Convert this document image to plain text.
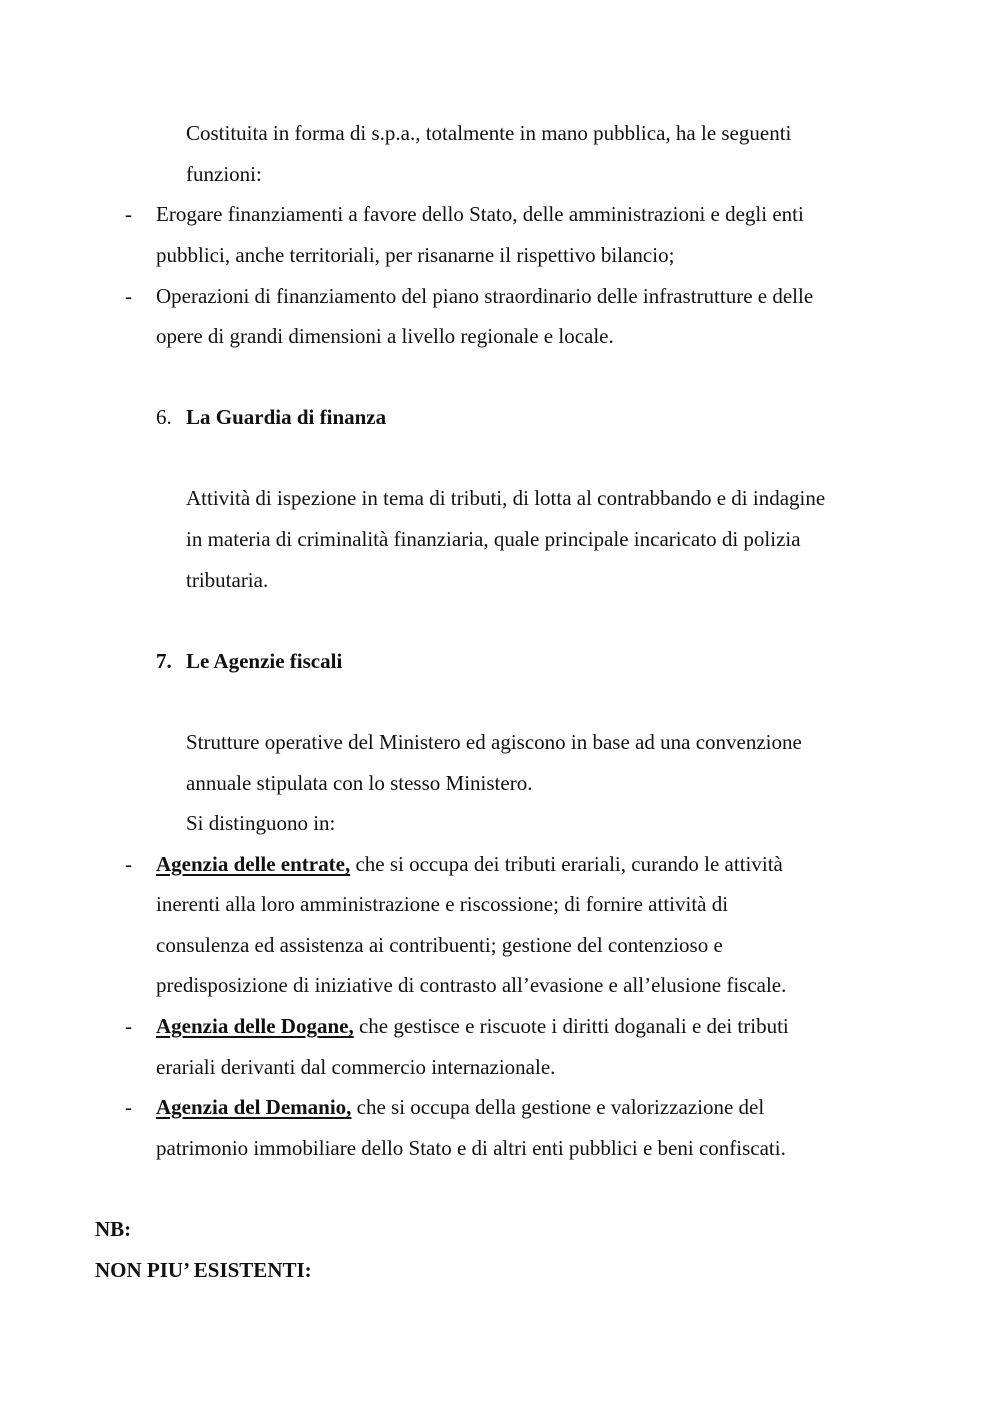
Costituita in forma di s.p.a., totalmente in mano pubblica, ha le seguenti
funzioni:
- Erogare finanziamenti a favore dello Stato, delle amministrazioni e degli enti
pubblici, anche territoriali, per risanarne il rispettivo bilancio;
- Operazioni di finanziamento del piano straordinario delle infrastrutture e delle
opere di grandi dimensioni a livello regionale e locale.
6. La Guardia di finanza
Attività di ispezione in tema di tributi, di lotta al contrabbando e di indagine
in materia di criminalità finanziaria, quale principale incaricato di polizia
tributaria.
7. Le Agenzie fiscali
Strutture operative del Ministero ed agiscono in base ad una convenzione
annuale stipulata con lo stesso Ministero.
Si distinguono in:
- Agenzia delle entrate, che si occupa dei tributi erariali, curando le attività
inerenti alla loro amministrazione e riscossione; di fornire attività di
consulenza ed assistenza ai contribuenti; gestione del contenzioso e
predisposizione di iniziative di contrasto all’evasione e all’elusione fiscale.
- Agenzia delle Dogane, che gestisce e riscuote i diritti doganali e dei tributi
erariali derivanti dal commercio internazionale.
- Agenzia del Demanio, che si occupa della gestione e valorizzazione del
patrimonio immobiliare dello Stato e di altri enti pubblici e beni confiscati.
NB:
NON PIU’ ESISTENTI:
